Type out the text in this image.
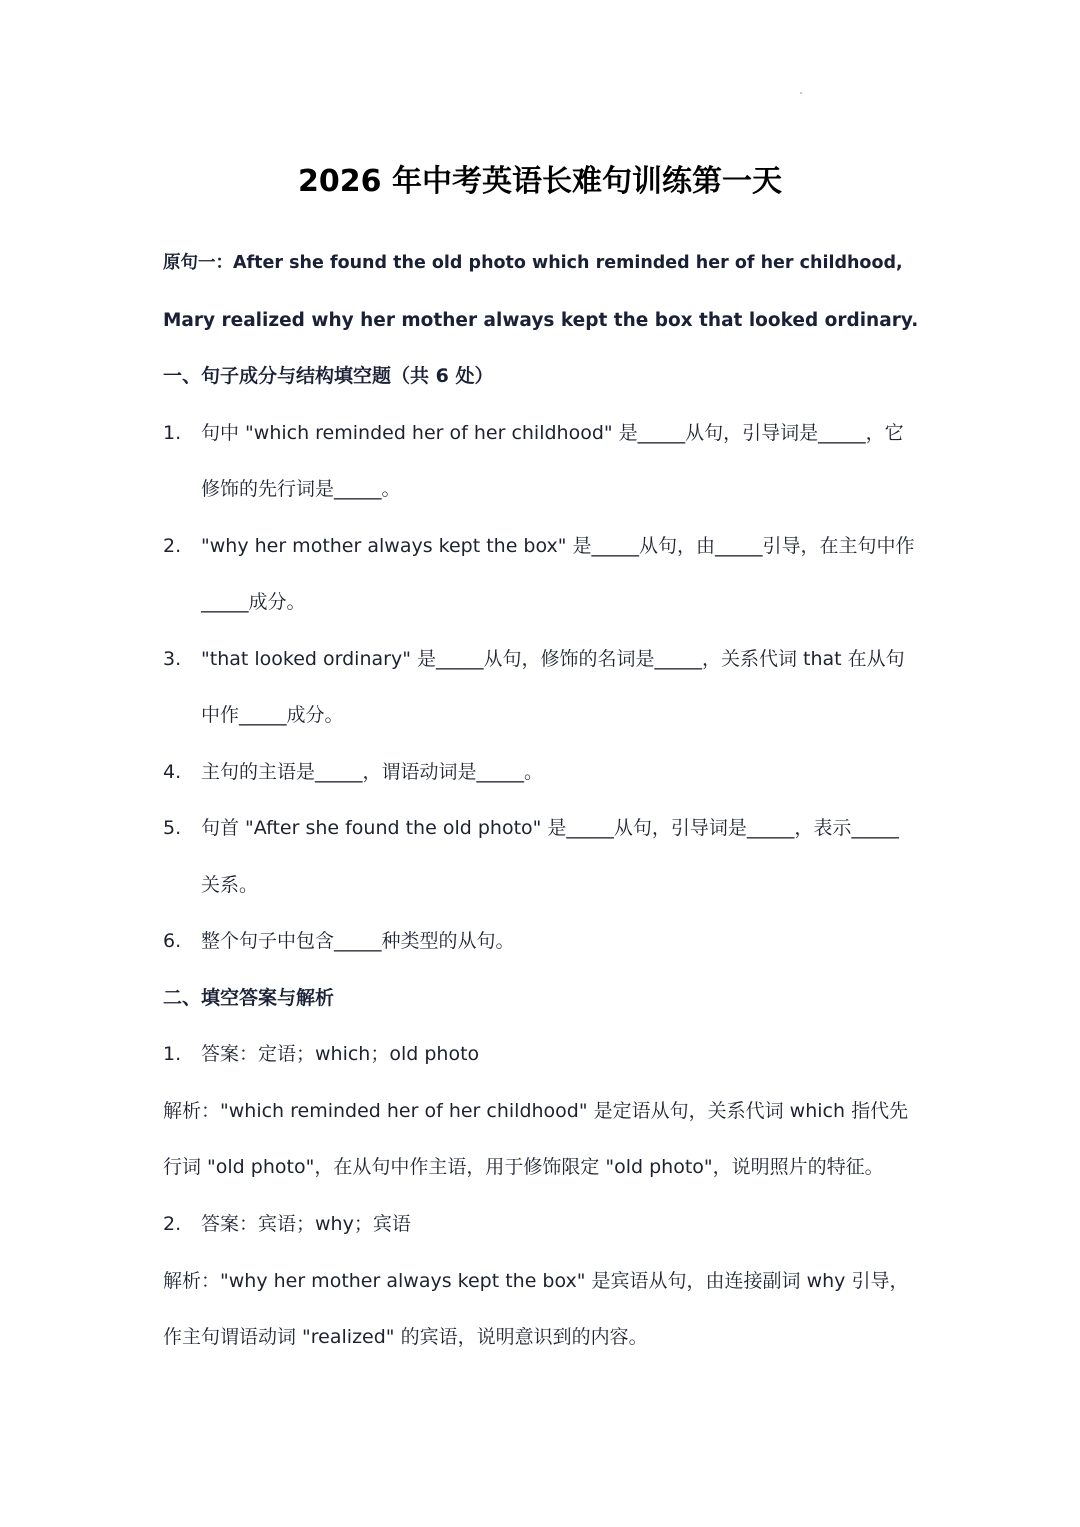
2026 年中考英语长难句训练第一天
原句一：After she found the old photo which reminded her of her childhood,
Mary realized why her mother always kept the box that looked ordinary.
一、句子成分与结构填空题（共 6 处）
1.	句中 "which reminded her of her childhood" 是_____从句，引导词是_____，它
修饰的先行词是_____。
2.	"why her mother always kept the box" 是_____从句，由_____引导，在主句中作
_____成分。
3.	"that looked ordinary" 是_____从句，修饰的名词是_____，关系代词 that 在从句
中作_____成分。
4.	主句的主语是_____，谓语动词是_____。
5.	句首 "After she found the old photo" 是_____从句，引导词是_____，表示_____
关系。
6.	整个句子中包含_____种类型的从句。
二、填空答案与解析
1.	答案：定语；which；old photo
解析："which reminded her of her childhood" 是定语从句，关系代词 which 指代先
行词 "old photo"，在从句中作主语，用于修饰限定 "old photo"，说明照片的特征。
2.	答案：宾语；why；宾语
解析："why her mother always kept the box" 是宾语从句，由连接副词 why 引导，
作主句谓语动词 "realized" 的宾语，说明意识到的内容。
